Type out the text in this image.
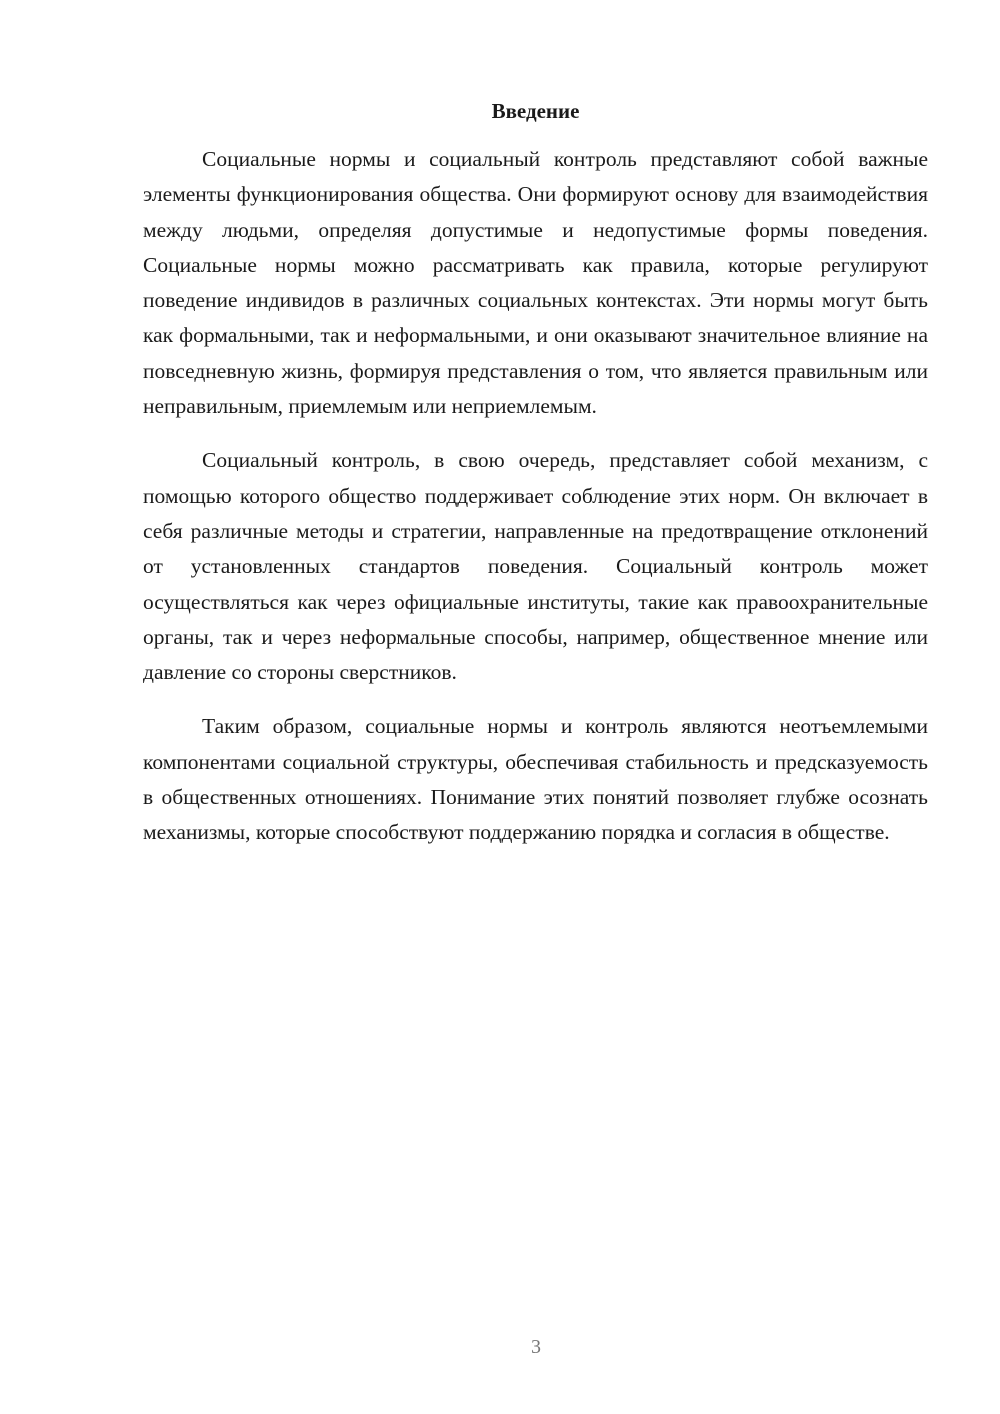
Введение

Социальные нормы и социальный контроль представляют собой важные элементы функционирования общества. Они формируют основу для взаимодействия между людьми, определяя допустимые и недопустимые формы поведения. Социальные нормы можно рассматривать как правила, которые регулируют поведение индивидов в различных социальных контекстах. Эти нормы могут быть как формальными, так и неформальными, и они оказывают значительное влияние на повседневную жизнь, формируя представления о том, что является правильным или неправильным, приемлемым или неприемлемым.

Социальный контроль, в свою очередь, представляет собой механизм, с помощью которого общество поддерживает соблюдение этих норм. Он включает в себя различные методы и стратегии, направленные на предотвращение отклонений от установленных стандартов поведения. Социальный контроль может осуществляться как через официальные институты, такие как правоохранительные органы, так и через неформальные способы, например, общественное мнение или давление со стороны сверстников.

Таким образом, социальные нормы и контроль являются неотъемлемыми компонентами социальной структуры, обеспечивая стабильность и предсказуемость в общественных отношениях. Понимание этих понятий позволяет глубже осознать механизмы, которые способствуют поддержанию порядка и согласия в обществе.

3
